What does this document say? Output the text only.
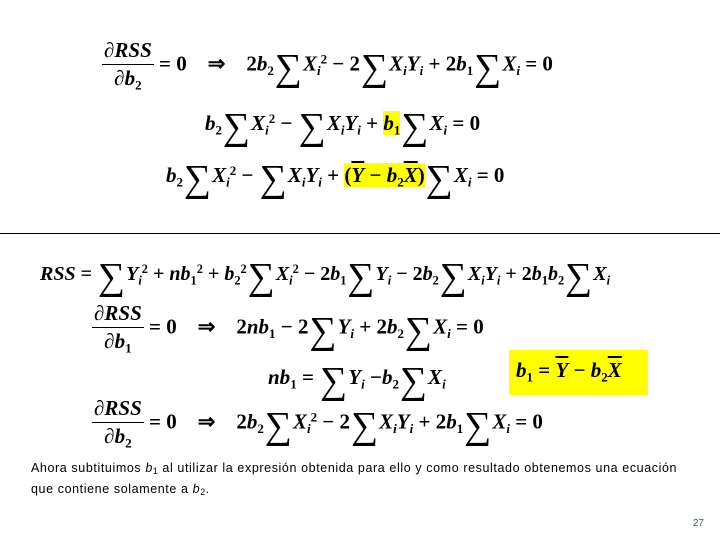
$\frac{\text{∂RSS}}{\partial b_2} = 0$    ⇒    $2b_2\sum X_i^2 - 2\sum X_iY_i + 2b_1\sum X_i = 0$
$b_2\sum X_i^2 - \sum X_iY_i + b_1\sum X_i = 0$
$b_2\sum X_i^2 - \sum X_iY_i + (\overline{Y} - b_2\overline{X})\sum X_i = 0$
RSS = $\sum Y_i^2 + nb_1^2 + b_2^2\sum X_i^2 - 2b_1\sum Y_i - 2b_2\sum X_iY_i + 2b_1b_2\sum X_i$
$\frac{\text{∂RSS}}{\partial b_1} = 0$    ⇒    $2nb_1 - 2\sum Y_i + 2b_2\sum X_i = 0$
$nb_1 = \sum Y_i -b_2\sum X_i$
$b_1 = \overline{Y} - b_2\overline{X}$
$\frac{\text{∂RSS}}{\partial b_2} = 0$    ⇒    $2b_2\sum X_i^2 - 2\sum X_iY_i + 2b_1\sum X_i = 0$
Ahora subtituimos $b_1$ al utilizar la expresión obtenida para ello y como resultado obtenemos una ecuación que contiene solamente a $b_2$.
27
